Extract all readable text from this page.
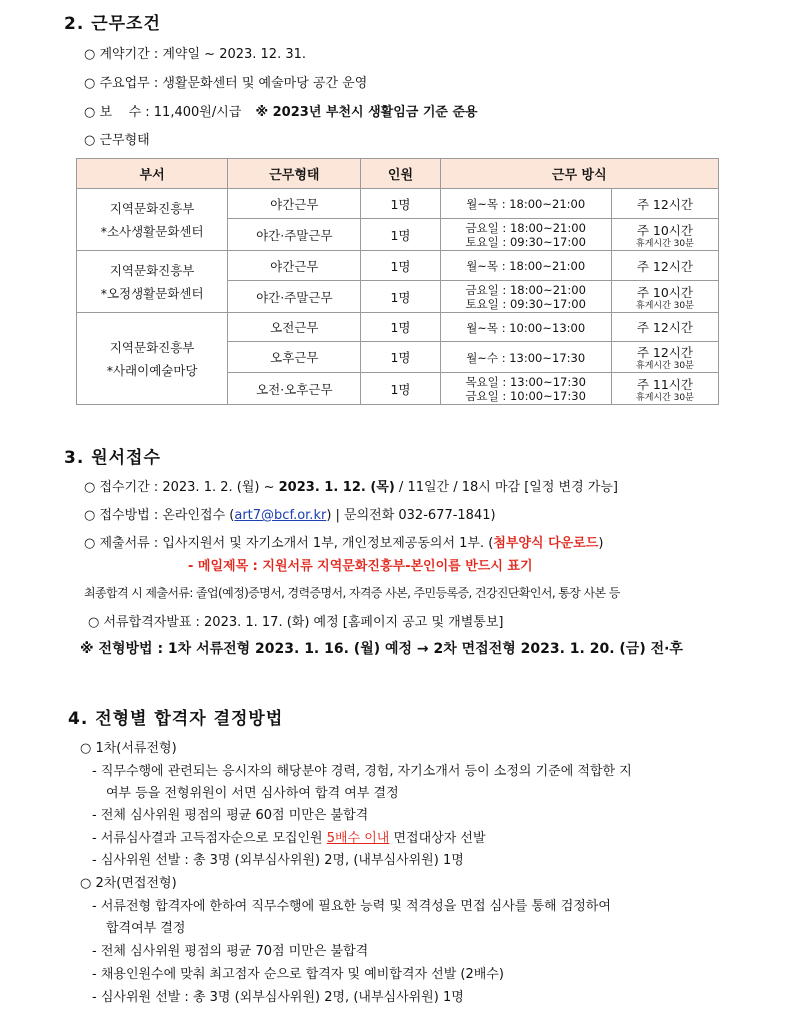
2. 근무조건
○ 계약기간 : 계약일 ~ 2023. 12. 31.
○ 주요업무 : 생활문화센터 및 예술마당 공간 운영
○ 보    수 : 11,400원/시급 ※ 2023년 부천시 생활임금 기준 준용
○ 근무형태
부서	근무형태	인원	근무 방식	
지역문화진흥부
*소사생활문화센터	야간근무	1명	월~목 : 18:00~21:00	주 12시간
	야간·주말근무	1명	금요일 : 18:00~21:00
토요일 : 09:30~17:00	주 10시간
휴게시간 30분

지역문화진흥부
*오정생활문화센터	야간근무	1명	월~목 : 18:00~21:00	주 12시간
	야간·주말근무	1명	금요일 : 18:00~21:00
토요일 : 09:30~17:00	주 10시간
휴게시간 30분

지역문화진흥부
*사래이예술마당	오전근무	1명	월~목 : 10:00~13:00	주 12시간
	오후근무	1명	월~수 : 13:00~17:30	주 12시간
휴게시간 30분

	오전·오후근무	1명	목요일 : 13:00~17:30
금요일 : 10:00~17:30	주 11시간
휴게시간 30분
3. 원서접수
○ 접수기간 : 2023. 1. 2. (월) ~ 2023. 1. 12. (목) / 11일간 / 18시 마감 [일정 변경 가능]
○ 접수방법 : 온라인접수 (art7@bcf.or.kr) | 문의전화 032-677-1841)
○ 제출서류 : 입사지원서 및 자기소개서 1부, 개인정보제공동의서 1부. (첨부양식 다운로드)
- 메일제목 : 지원서류 지역문화진흥부-본인이름 반드시 표기
최종합격 시 제출서류: 졸업(예정)증명서, 경력증명서, 자격증 사본, 주민등록증, 건강진단확인서, 통장 사본 등
○ 서류합격자발표 : 2023. 1. 17. (화) 예정 [홈페이지 공고 및 개별통보]
※ 전형방법 : 1차 서류전형 2023. 1. 16. (월) 예정 → 2차 면접전형 2023. 1. 20. (금) 전·후
4. 전형별 합격자 결정방법
○ 1차(서류전형)
- 직무수행에 관련되는 응시자의 해당분야 경력, 경험, 자기소개서 등이 소정의 기준에 적합한 지
여부 등을 전형위원이 서면 심사하여 합격 여부 결정
- 전체 심사위원 평점의 평균 60점 미만은 불합격
- 서류심사결과 고득점자순으로 모집인원 5배수 이내 면접대상자 선발
- 심사위원 선발 : 총 3명 (외부심사위원) 2명, (내부심사위원) 1명
○ 2차(면접전형)
- 서류전형 합격자에 한하여 직무수행에 필요한 능력 및 적격성을 면접 심사를 통해 검정하여
합격여부 결정
- 전체 심사위원 평점의 평균 70점 미만은 불합격
- 채용인원수에 맞춰 최고점자 순으로 합격자 및 예비합격자 선발 (2배수)
- 심사위원 선발 : 총 3명 (외부심사위원) 2명, (내부심사위원) 1명
